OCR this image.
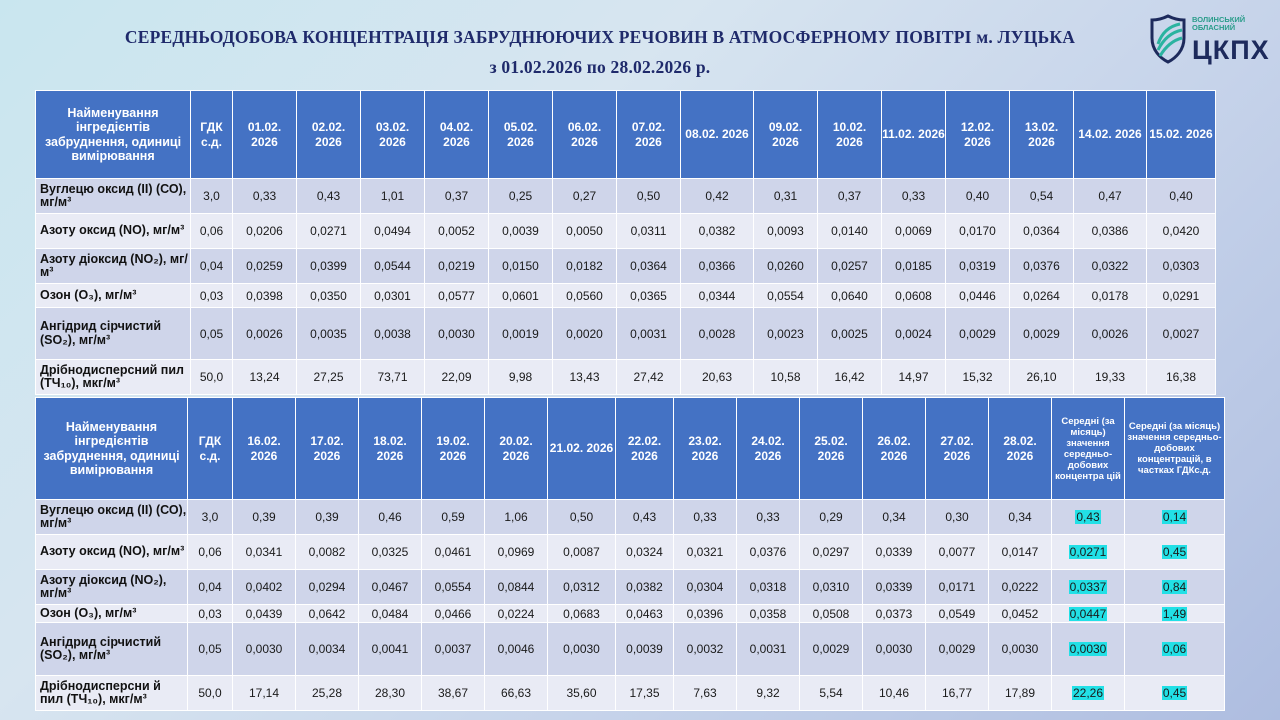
СЕРЕДНЬОДОБОВА КОНЦЕНТРАЦІЯ ЗАБРУДНЮЮЧИХ РЕЧОВИН В АТМОСФЕРНОМУ ПОВІТРІ м. ЛУЦЬКА
з 01.02.2026 по 28.02.2026 р.
ВОЛИНСЬКИЙ ОБЛАСНИЙ
ЦКПХ
Найменування інгредієнтів забруднення, одиниці вимірювання	ГДК с.д.	01.02. 2026	02.02. 2026	03.02. 2026	04.02. 2026	05.02. 2026	06.02. 2026	07.02. 2026	08.02. 2026	09.02. 2026	10.02. 2026	11.02. 2026	12.02. 2026	13.02. 2026	14.02. 2026	15.02. 2026
Вуглецю оксид (ІІ) (СО), мг/м³	3,0	0,33	0,43	1,01	0,37	0,25	0,27	0,50	0,42	0,31	0,37	0,33	0,40	0,54	0,47	0,40
Азоту оксид (NO), мг/м³	0,06	0,0206	0,0271	0,0494	0,0052	0,0039	0,0050	0,0311	0,0382	0,0093	0,0140	0,0069	0,0170	0,0364	0,0386	0,0420
Азоту діоксид (NO₂), мг/м³	0,04	0,0259	0,0399	0,0544	0,0219	0,0150	0,0182	0,0364	0,0366	0,0260	0,0257	0,0185	0,0319	0,0376	0,0322	0,0303
Озон (О₃), мг/м³	0,03	0,0398	0,0350	0,0301	0,0577	0,0601	0,0560	0,0365	0,0344	0,0554	0,0640	0,0608	0,0446	0,0264	0,0178	0,0291
Ангідрид сірчистий (SO₂), мг/м³	0,05	0,0026	0,0035	0,0038	0,0030	0,0019	0,0020	0,0031	0,0028	0,0023	0,0025	0,0024	0,0029	0,0029	0,0026	0,0027
Дрібнодисперсний пил (ТЧ₁₀), мкг/м³	50,0	13,24	27,25	73,71	22,09	9,98	13,43	27,42	20,63	10,58	16,42	14,97	15,32	26,10	19,33	16,38
Найменування інгредієнтів забруднення, одиниці вимірювання	ГДК с.д.	16.02. 2026	17.02. 2026	18.02. 2026	19.02. 2026	20.02. 2026	21.02. 2026	22.02. 2026	23.02. 2026	24.02. 2026	25.02. 2026	26.02. 2026	27.02. 2026	28.02. 2026	Середні (за місяць) значення середньо-добових концентра цій	Середні (за місяць) значення середньо-добових концентрацій, в частках ГДКс.д.
Вуглецю оксид (ІІ) (СО), мг/м³	3,0	0,39	0,39	0,46	0,59	1,06	0,50	0,43	0,33	0,33	0,29	0,34	0,30	0,34	0,43	0,14
Азоту оксид (NO), мг/м³	0,06	0,0341	0,0082	0,0325	0,0461	0,0969	0,0087	0,0324	0,0321	0,0376	0,0297	0,0339	0,0077	0,0147	0,0271	0,45
Азоту діоксид (NO₂), мг/м³	0,04	0,0402	0,0294	0,0467	0,0554	0,0844	0,0312	0,0382	0,0304	0,0318	0,0310	0,0339	0,0171	0,0222	0,0337	0,84
Озон (О₃), мг/м³	0,03	0,0439	0,0642	0,0484	0,0466	0,0224	0,0683	0,0463	0,0396	0,0358	0,0508	0,0373	0,0549	0,0452	0,0447	1,49
Ангідрид сірчистий (SO₂), мг/м³	0,05	0,0030	0,0034	0,0041	0,0037	0,0046	0,0030	0,0039	0,0032	0,0031	0,0029	0,0030	0,0029	0,0030	0,0030	0,06
Дрібнодисперсни й пил (ТЧ₁₀), мкг/м³	50,0	17,14	25,28	28,30	38,67	66,63	35,60	17,35	7,63	9,32	5,54	10,46	16,77	17,89	22,26	0,45
